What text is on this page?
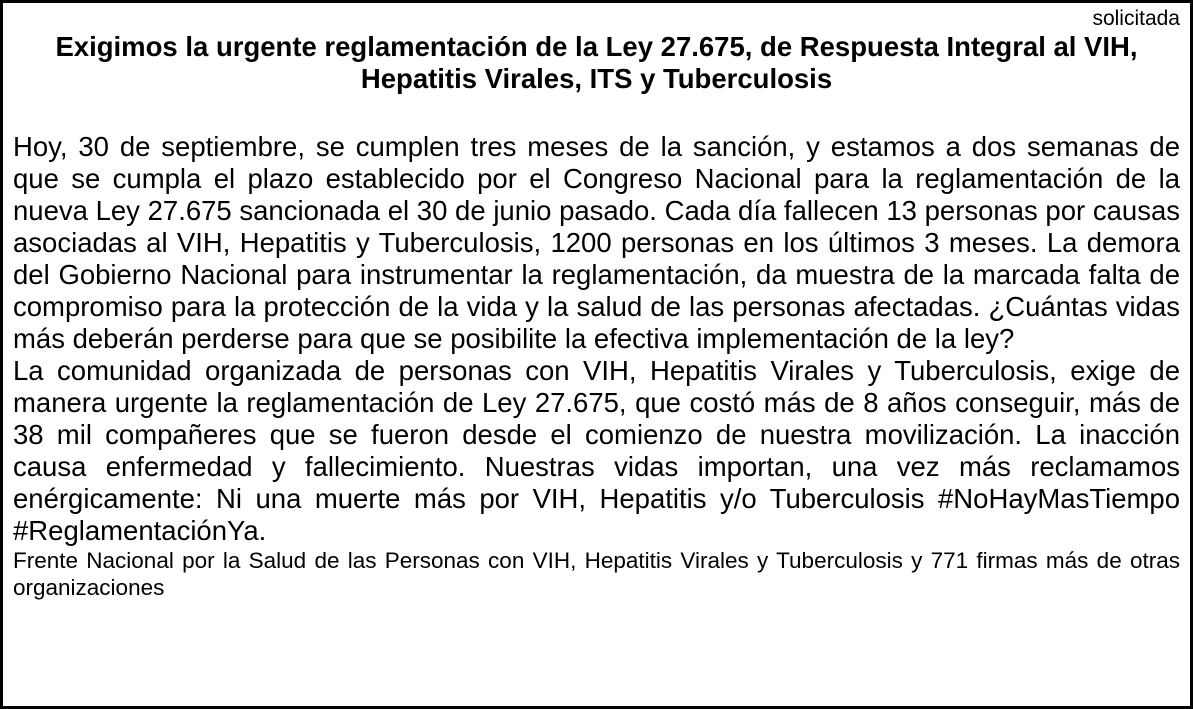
solicitada
Exigimos la urgente reglamentación de la Ley 27.675, de Respuesta Integral al VIH, Hepatitis Virales, ITS y Tuberculosis

Hoy, 30 de septiembre, se cumplen tres meses de la sanción, y estamos a dos semanas de que se cumpla el plazo establecido por el Congreso Nacional para la reglamentación de la nueva Ley 27.675 sancionada el 30 de junio pasado. Cada día fallecen 13 personas por causas asociadas al VIH, Hepatitis y Tuberculosis, 1200 personas en los últimos 3 meses. La demora del Gobierno Nacional para instrumentar la reglamentación, da muestra de la marcada falta de compromiso para la protección de la vida y la salud de las personas afectadas. ¿Cuántas vidas más deberán perderse para que se posibilite la efectiva implementación de la ley?

La comunidad organizada de personas con VIH, Hepatitis Virales y Tuberculosis, exige de manera urgente la reglamentación de Ley 27.675, que costó más de 8 años conseguir, más de 38 mil compañeres que se fueron desde el comienzo de nuestra movilización. La inacción causa enfermedad y fallecimiento. Nuestras vidas importan, una vez más reclamamos enérgicamente: Ni una muerte más por VIH, Hepatitis y/o Tuberculosis #NoHayMasTiempo #ReglamentaciónYa.

Frente Nacional por la Salud de las Personas con VIH, Hepatitis Virales y Tuberculosis y 771 firmas más de otras organizaciones
